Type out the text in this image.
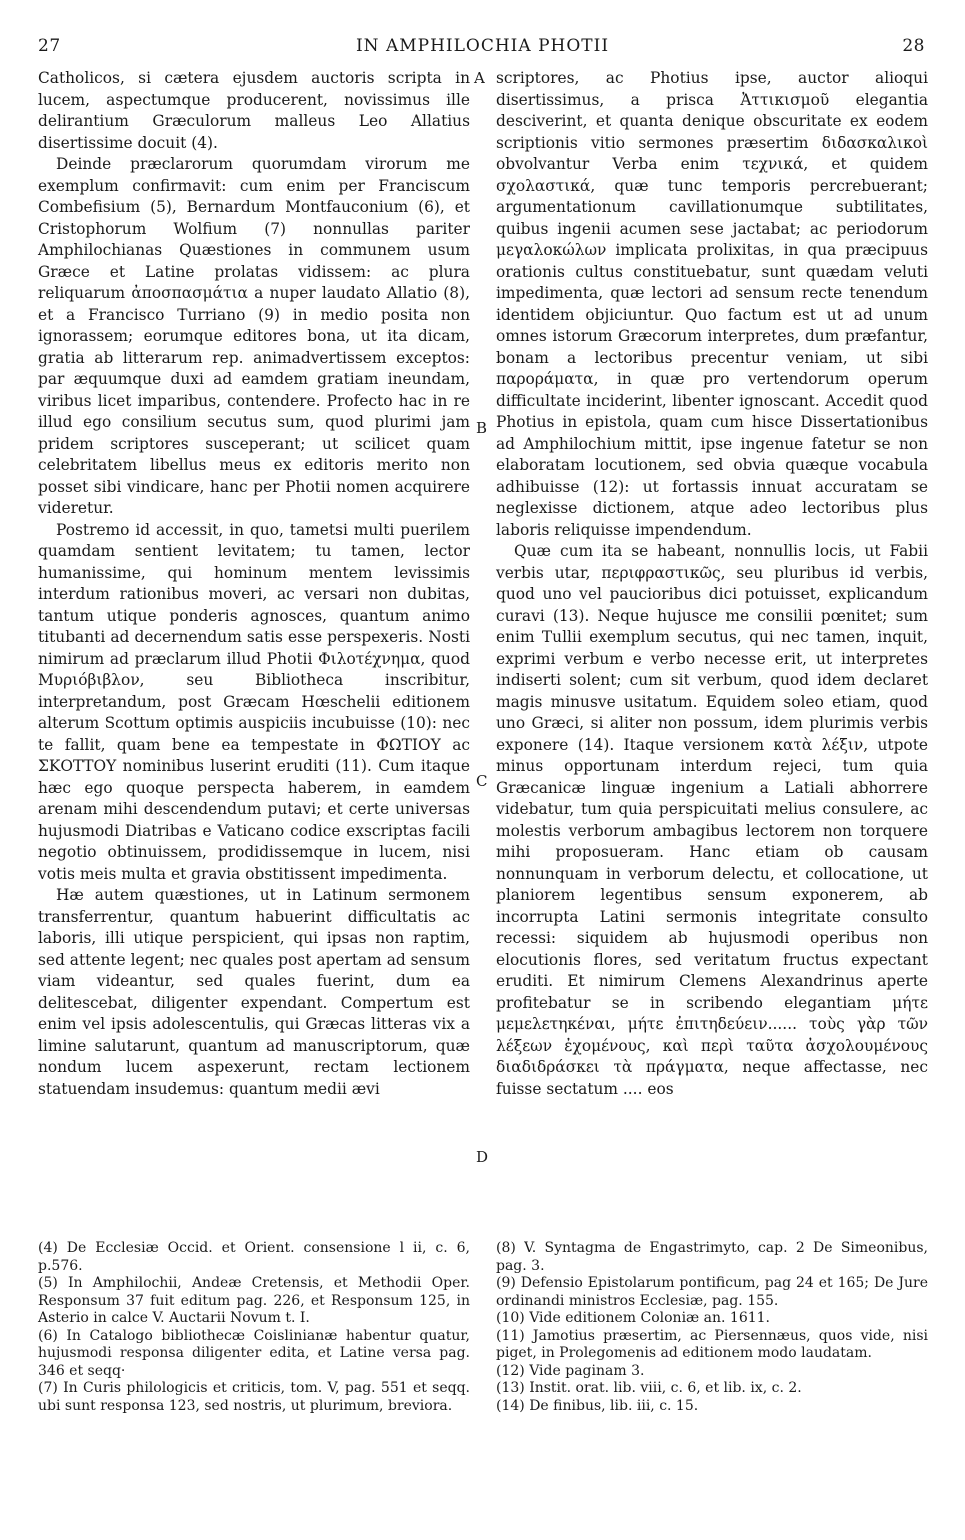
27	IN AMPHILOCHIA PHOTII	28
A
B
C
D

Catholicos, si cætera ejusdem auctoris scripta in lucem, aspectumque producerent, novissimus ille delirantium Græculorum malleus Leo Allatius disertissime docuit (4).

Deinde præclarorum quorumdam virorum me exemplum confirmavit: cum enim per Franciscum Combefisium (5), Bernardum Montfauconium (6), et Cristophorum Wolfium (7) nonnullas pariter Amphilochianas Quæstiones in communem usum Græce et Latine prolatas vidissem: ac plura reliquarum ἀποσπασμάτια a nuper laudato Allatio (8), et a Francisco Turriano (9) in medio posita non ignorassem; eorumque editores bona, ut ita dicam, gratia ab litterarum rep. animadvertissem exceptos: par æquumque duxi ad eamdem gratiam ineundam, viribus licet imparibus, contendere. Profecto hac in re illud ego consilium secutus sum, quod plurimi jam pridem scriptores susceperant; ut scilicet quam celebritatem libellus meus ex editoris merito non posset sibi vindicare, hanc per Photii nomen acquirere videretur.

Postremo id accessit, in quo, tametsi multi puerilem quamdam sentient levitatem; tu tamen, lector humanissime, qui hominum mentem levissimis interdum rationibus moveri, ac versari non dubitas, tantum utique ponderis agnosces, quantum animo titubanti ad decernendum satis esse perspexeris. Nosti nimirum ad præclarum illud Photii Φιλοτέχνημα, quod Μυριόβιβλον, seu Bibliotheca inscribitur, interpretandum, post Græcam Hœschelii editionem alterum Scottum optimis auspiciis incubuisse (10): nec te fallit, quam bene ea tempestate in ΦΩΤΙΟΥ ac ΣΚΟΤΤΟΥ nominibus luserint eruditi (11). Cum itaque hæc ego quoque perspecta haberem, in eamdem arenam mihi descendendum putavi; et certe universas hujusmodi Diatribas e Vaticano codice exscriptas facili negotio obtinuissem, prodidissemque in lucem, nisi votis meis multa et gravia obstitissent impedimenta.

Hæ autem quæstiones, ut in Latinum sermonem transferrentur, quantum habuerint difficultatis ac laboris, illi utique perspicient, qui ipsas non raptim, sed attente legent; nec quales post apertam ad sensum viam videantur, sed quales fuerint, dum ea delitescebat, diligenter expendant. Compertum est enim vel ipsis adolescentulis, qui Græcas litteras vix a limine salutarunt, quantum ad manuscriptorum, quæ nondum lucem aspexerunt, rectam lectionem statuendam insudemus: quantum medii ævi

scriptores, ac Photius ipse, auctor alioqui disertissimus, a prisca Ἀττικισμοῦ elegantia desciverint, et quanta denique obscuritate ex eodem scriptionis vitio sermones præsertim διδασκαλικοὶ obvolvantur Verba enim τεχνικά, et quidem σχολαστικά, quæ tunc temporis percrebuerant; argumentationum cavillationumque subtilitates, quibus ingenii acumen sese jactabat; ac periodorum μεγαλοκώλων implicata prolixitas, in qua præcipuus orationis cultus constituebatur, sunt quædam veluti impedimenta, quæ lectori ad sensum recte tenendum identidem objiciuntur. Quo factum est ut ad unum omnes istorum Græcorum interpretes, dum præfantur, bonam a lectoribus precentur veniam, ut sibi παροράματα, in quæ pro vertendorum operum difficultate inciderint, libenter ignoscant. Accedit quod Photius in epistola, quam cum hisce Dissertationibus ad Amphilochium mittit, ipse ingenue fatetur se non elaboratam locutionem, sed obvia quæque vocabula adhibuisse (12): ut fortassis innuat accuratam se neglexisse dictionem, atque adeo lectoribus plus laboris reliquisse impendendum.

Quæ cum ita se habeant, nonnullis locis, ut Fabii verbis utar, περιφραστικῶς, seu pluribus id verbis, quod uno vel paucioribus dici potuisset, explicandum curavi (13). Neque hujusce me consilii pœnitet; sum enim Tullii exemplum secutus, qui nec tamen, inquit, exprimi verbum e verbo necesse erit, ut interpretes indiserti solent; cum sit verbum, quod idem declaret magis minusve usitatum. Equidem soleo etiam, quod uno Græci, si aliter non possum, idem plurimis verbis exponere (14). Itaque versionem κατὰ λέξιν, utpote minus opportunam interdum rejeci, tum quia Græcanicæ linguæ ingenium a Latiali abhorrere videbatur, tum quia perspicuitati melius consulere, ac molestis verborum ambagibus lectorem non torquere mihi proposueram. Hanc etiam ob causam nonnunquam in verborum delectu, et collocatione, ut planiorem legentibus sensum exponerem, ab incorrupta Latini sermonis integritate consulto recessi: siquidem ab hujusmodi operibus non elocutionis flores, sed veritatum fructus expectant eruditi. Et nimirum Clemens Alexandrinus aperte profitebatur se in scribendo elegantiam μήτε μεμελετηκέναι, μήτε ἐπιτηδεύειν...... τοὺς γὰρ τῶν λέξεων ἐχομένους, καὶ περὶ ταῦτα ἀσχολουμένους διαδιδράσκει τὰ πράγματα, neque affectasse, nec fuisse sectatum .... eos

(4) De Ecclesiæ Occid. et Orient. consensione l ii, c. 6, p.576.

(5) In Amphilochii, Andeæ Cretensis, et Methodii Oper. Responsum 37 fuit editum pag. 226, et Responsum 125, in Asterio in calce V. Auctarii Novum t. I.

(6) In Catalogo bibliothecæ Coislinianæ habentur quatur, hujusmodi responsa diligenter edita, et Latine versa pag. 346 et seqq·

(7) In Curis philologicis et criticis, tom. V, pag. 551 et seqq. ubi sunt responsa 123, sed nostris, ut plurimum, breviora.

(8) V. Syntagma de Engastrimyto, cap. 2 De Simeonibus, pag. 3.

(9) Defensio Epistolarum pontificum, pag 24 et 165; De Jure ordinandi ministros Ecclesiæ, pag. 155.

(10) Vide editionem Coloniæ an. 1611.

(11) Jamotius præsertim, ac Piersennæus, quos vide, nisi piget, in Prolegomenis ad editionem modo laudatam.

(12) Vide paginam 3.

(13) Instit. orat. lib. viii, c. 6, et lib. ix, c. 2.

(14) De finibus, lib. iii, c. 15.
